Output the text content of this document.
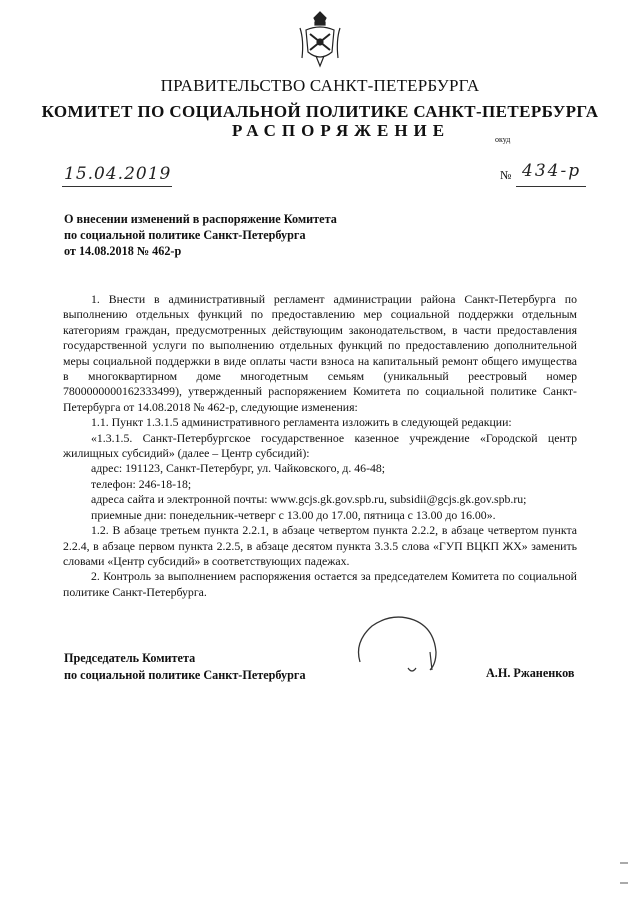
ПРАВИТЕЛЬСТВО САНКТ-ПЕТЕРБУРГА
КОМИТЕТ ПО СОЦИАЛЬНОЙ ПОЛИТИКЕ САНКТ-ПЕТЕРБУРГА
РАСПОРЯЖЕНИЕ	окуд
15.04.2019	№ 434-р
О внесении изменений в распоряжение Комитета
по социальной политике Санкт-Петербурга
от 14.08.2018 № 462-р

1. Внести в административный регламент администрации района Санкт-Петербурга по выполнению отдельных функций по предоставлению мер социальной поддержки отдельным категориям граждан, предусмотренных действующим законодательством, в части предоставления государственной услуги по выполнению отдельных функций по предоставлению дополнительной меры социальной поддержки в виде оплаты части взноса на капитальный ремонт общего имущества в многоквартирном доме многодетным семьям (уникальный реестровый номер 7800000000162333499), утвержденный распоряжением Комитета по социальной политике Санкт-Петербурга от 14.08.2018 № 462-р, следующие изменения:

1.1. Пункт 1.3.1.5 административного регламента изложить в следующей редакции:

«1.3.1.5. Санкт-Петербургское государственное казенное учреждение «Городской центр жилищных субсидий» (далее – Центр субсидий):

адрес: 191123, Санкт-Петербург, ул. Чайковского, д. 46-48;

телефон: 246-18-18;

адреса сайта и электронной почты: www.gcjs.gk.gov.spb.ru, subsidii@gcjs.gk.gov.spb.ru;

приемные дни: понедельник-четверг с 13.00 до 17.00, пятница с 13.00 до 16.00».

1.2. В абзаце третьем пункта 2.2.1, в абзаце четвертом пункта 2.2.2, в абзаце четвертом пункта 2.2.4, в абзаце первом пункта 2.2.5, в абзаце десятом пункта 3.3.5 слова «ГУП ВЦКП ЖХ» заменить словами «Центр субсидий» в соответствующих падежах.

2. Контроль за выполнением распоряжения остается за председателем Комитета по социальной политике Санкт-Петербурга.

Председатель Комитета
по социальной политике Санкт-Петербурга	А.Н. Ржаненков
